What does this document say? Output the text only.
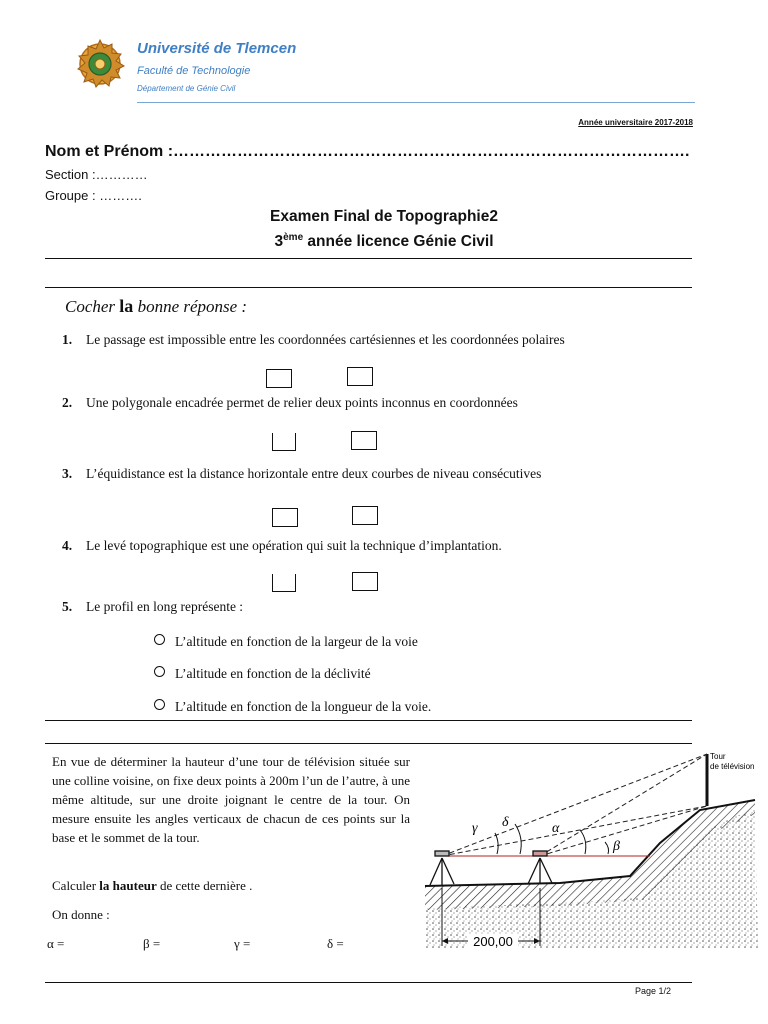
Université de Tlemcen
Faculté de Technologie
Département de Génie Civil
Année universitaire 2017-2018
Nom et Prénom :…………………………………………………………………………………….
Section :…………
Groupe : ……….
Examen Final de Topographie2
3ème année licence Génie Civil
Cocher la bonne réponse :
1. Le passage est impossible entre les coordonnées cartésiennes et les coordonnées polaires
2. Une polygonale encadrée permet de relier deux points inconnus en coordonnées
3. L’équidistance est la distance horizontale entre deux courbes de niveau consécutives
4. Le levé topographique est une opération qui suit la technique d’implantation.
5. Le profil en long représente :
L’altitude en fonction de la largeur de la voie
L’altitude en fonction de la déclivité
L’altitude en fonction de la longueur de la voie.
En vue de déterminer la hauteur d’une tour de télévision située sur une colline voisine, on fixe deux points à 200m l’un de l’autre, à une même altitude, sur une droite joignant le centre de la tour. On mesure ensuite les angles verticaux de chacun de ces points sur la base et le sommet de la tour.
Calculer la hauteur de cette dernière .
On donne :
α =	β =	γ =	δ =
Tour
de télévision
γ δ	α
β
200,00
Page 1/2
